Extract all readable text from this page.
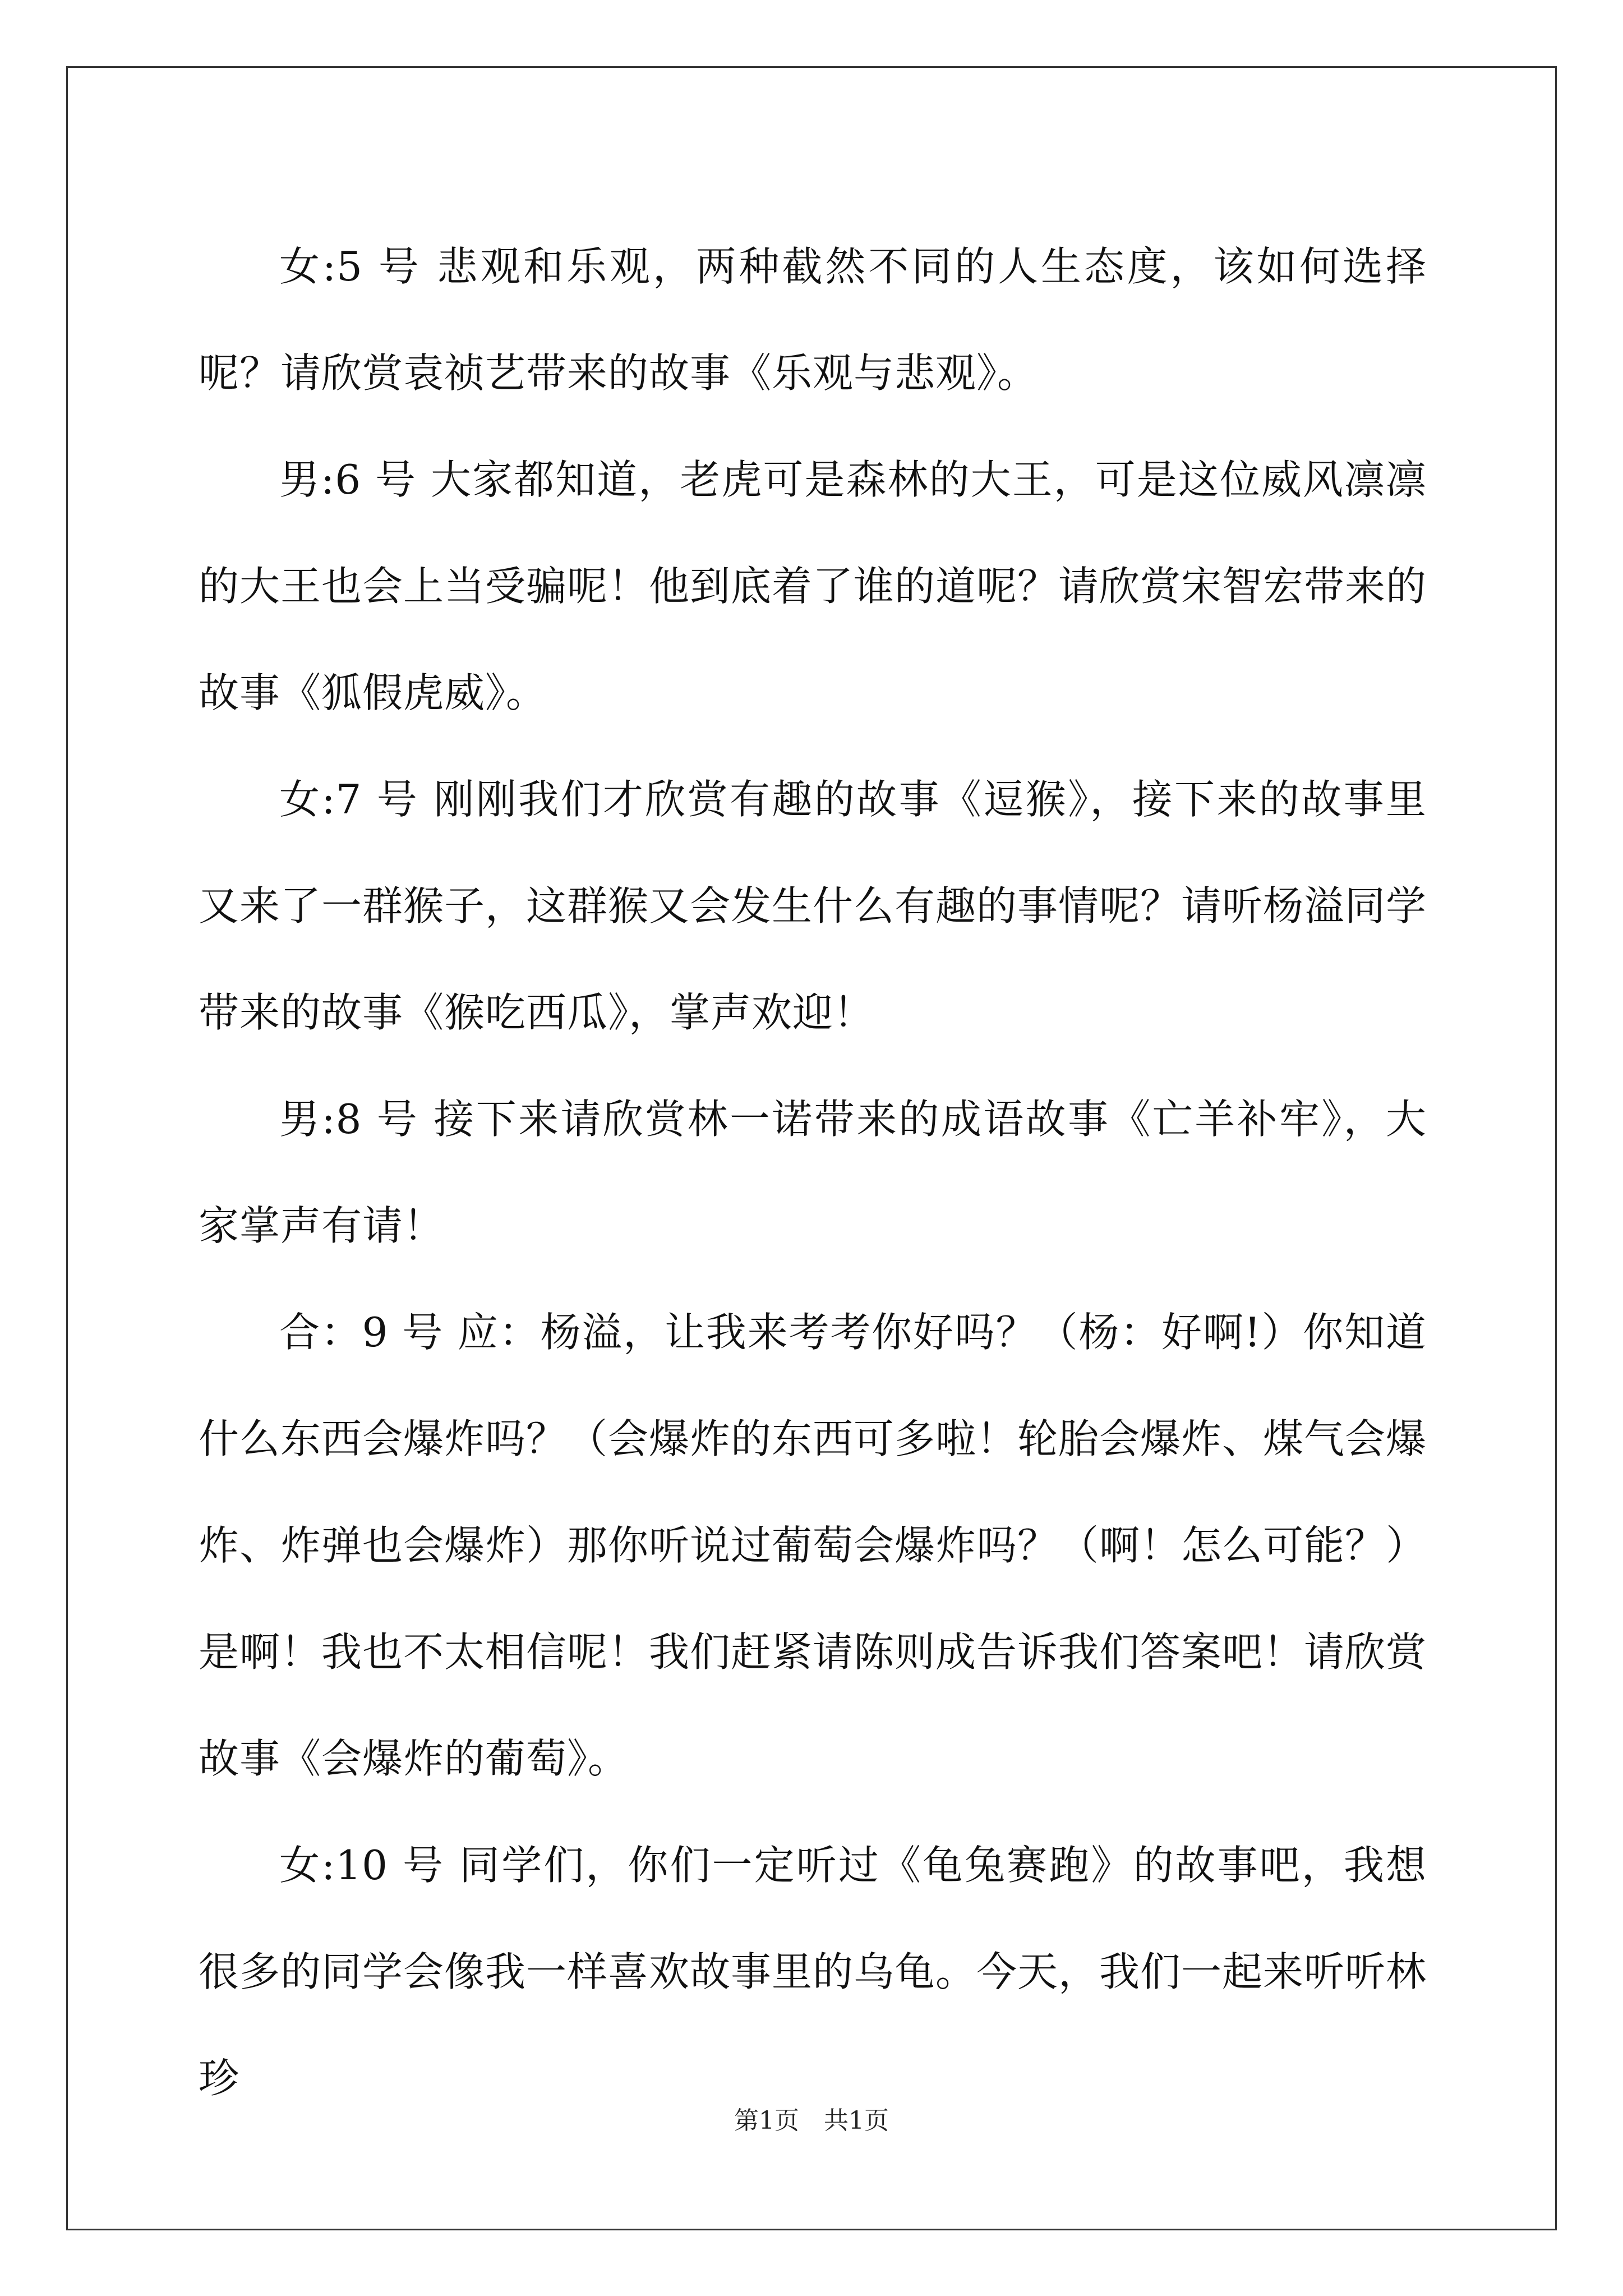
女:5 号 悲观和乐观，两种截然不同的人生态度，该如何选择呢？请欣赏袁祯艺带来的故事《乐观与悲观》。

男:6 号 大家都知道，老虎可是森林的大王，可是这位威风凛凛的大王也会上当受骗呢！他到底着了谁的道呢？请欣赏宋智宏带来的故事《狐假虎威》。

女:7 号 刚刚我们才欣赏有趣的故事《逗猴》，接下来的故事里又来了一群猴子，这群猴又会发生什么有趣的事情呢？请听杨溢同学带来的故事《猴吃西瓜》，掌声欢迎！

男:8 号 接下来请欣赏林一诺带来的成语故事《亡羊补牢》，大家掌声有请！

合：9 号 应：杨溢，让我来考考你好吗？（杨：好啊!）你知道什么东西会爆炸吗？（会爆炸的东西可多啦！轮胎会爆炸、煤气会爆炸、炸弹也会爆炸）那你听说过葡萄会爆炸吗？（啊！怎么可能？）是啊！我也不太相信呢！我们赶紧请陈则成告诉我们答案吧！请欣赏故事《会爆炸的葡萄》。

女:10 号 同学们，你们一定听过《龟兔赛跑》的故事吧，我想很多的同学会像我一样喜欢故事里的乌龟。今天，我们一起来听听林珍

第1页 共1页
